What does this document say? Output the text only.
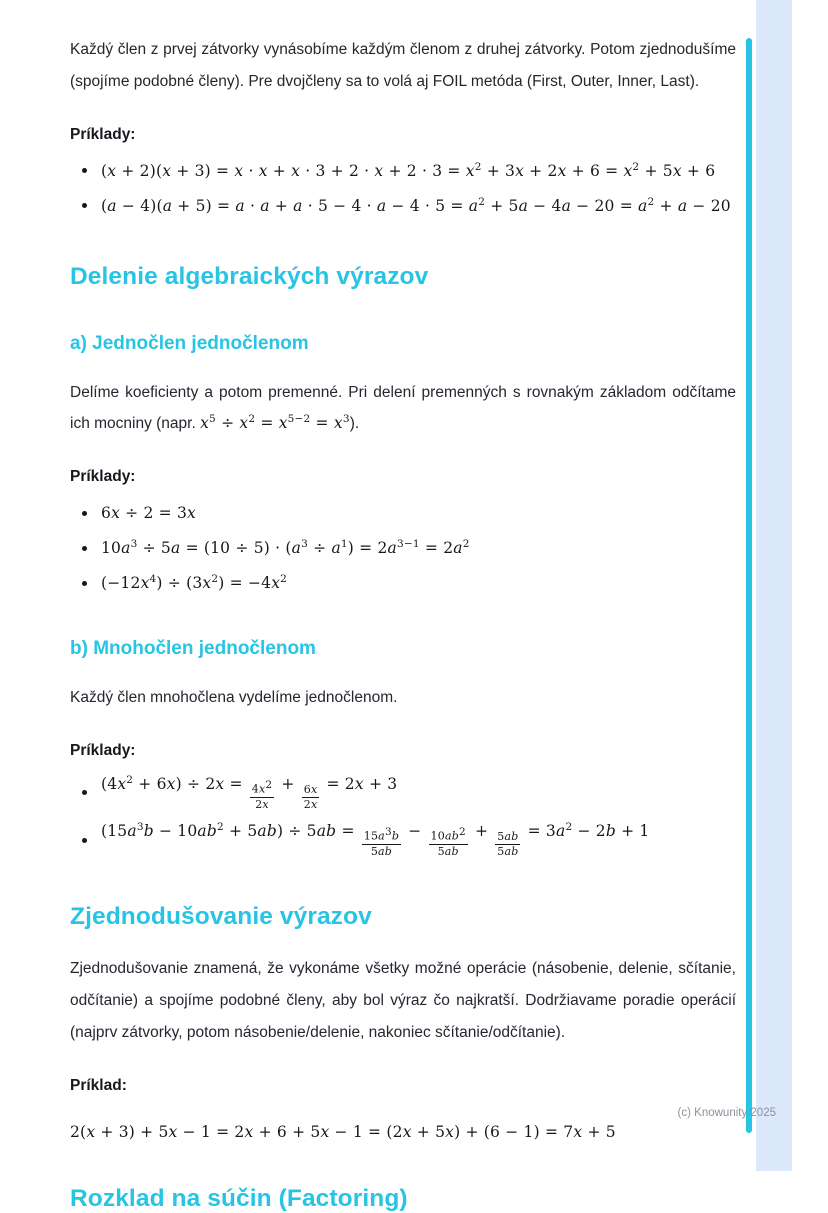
Každý člen z prvej zátvorky vynásobíme každým členom z druhej zátvorky. Potom zjednodušíme (spojíme podobné členy). Pre dvojčleny sa to volá aj FOIL metóda (First, Outer, Inner, Last).

Príklady:
$(x + 2)(x + 3) = x \cdot x + x \cdot 3 + 2 \cdot x + 2 \cdot 3 = x^2 + 3x + 2x + 6 = x^2 + 5x + 6$
$(a - 4)(a + 5) = a \cdot a + a \cdot 5 - 4 \cdot a - 4 \cdot 5 = a^2 + 5a - 4a - 20 = a^2 + a - 20$
Delenie algebraických výrazov
a) Jednočlen jednočlenom

Delíme koeficienty a potom premenné. Pri delení premenných s rovnakým základom odčítame ich mocniny (napr. $x^5 \div x^2 = x^{5-2} = x^3$).

Príklady:
6x ÷ 2 = 3x
$10a^3 \div 5a = (10 \div 5) \cdot (a^3 \div a^1) = 2a^{3-1} = 2a^2$
$(-12x^4) \div (3x^2) = -4x^2$
b) Mnohočlen jednočlenom

Každý člen mnohočlena vydelíme jednočlenom.

Príklady:
$(4x^2 + 6x) \div 2x = \frac{4x^2}{2x} + \frac{6x}{2x} = 2x + 3$
$(15a^3b - 10ab^2 + 5ab) \div 5ab = \frac{15a^3b}{5ab} - \frac{10ab^2}{5ab} + \frac{5ab}{5ab} = 3a^2 - 2b + 1$
Zjednodušovanie výrazov

Zjednodušovanie znamená, že vykonáme všetky možné operácie (násobenie, delenie, sčítanie, odčítanie) a spojíme podobné členy, aby bol výraz čo najkratší. Dodržiavame poradie operácií (najprv zátvorky, potom násobenie/delenie, nakoniec sčítanie/odčítanie).

Príklad:
2(x + 3) + 5x − 1 = 2x + 6 + 5x − 1 = (2x + 5x) + (6 − 1) = 7x + 5
Rozklad na súčin (Factoring)
(c) Knowunity 2025
